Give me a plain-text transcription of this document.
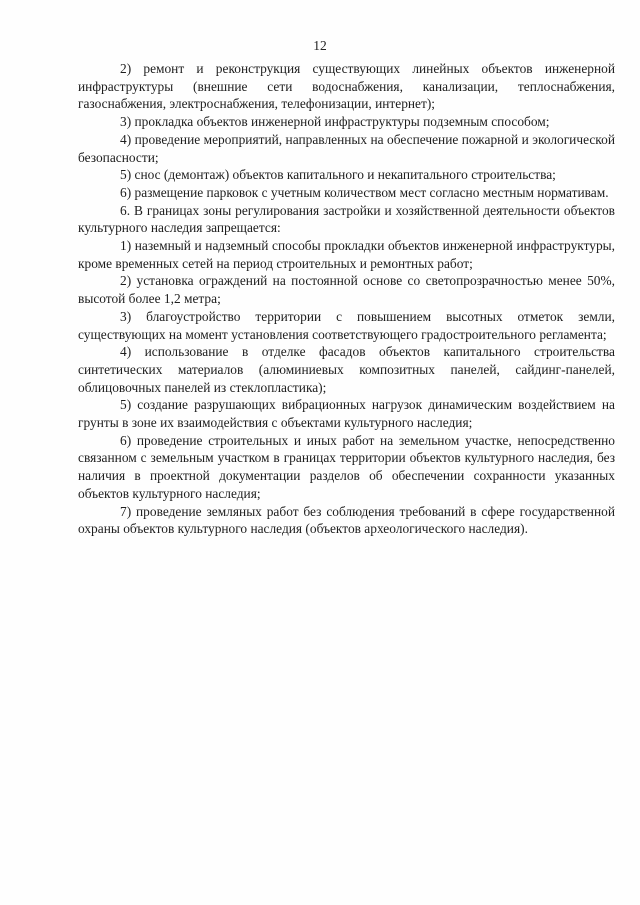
12

2) ремонт и реконструкция существующих линейных объектов инженерной инфраструктуры (внешние сети водоснабжения, канализации, теплоснабжения, газоснабжения, электроснабжения, телефонизации, интернет);

3) прокладка объектов инженерной инфраструктуры подземным способом;

4) проведение мероприятий, направленных на обеспечение пожарной и экологической безопасности;

5) снос (демонтаж) объектов капитального и некапитального строительства;

6) размещение парковок с учетным количеством мест согласно местным нормативам.

6. В границах зоны регулирования застройки и хозяйственной деятельности объектов культурного наследия запрещается:

1) наземный и надземный способы прокладки объектов инженерной инфраструктуры, кроме временных сетей на период строительных и ремонтных работ;

2) установка ограждений на постоянной основе со светопрозрачностью менее 50%, высотой более 1,2 метра;

3) благоустройство территории с повышением высотных отметок земли, существующих на момент установления соответствующего градостроительного регламента;

4) использование в отделке фасадов объектов капитального строительства синтетических материалов (алюминиевых композитных панелей, сайдинг-панелей, облицовочных панелей из стеклопластика);

5) создание разрушающих вибрационных нагрузок динамическим воздействием на грунты в зоне их взаимодействия с объектами культурного наследия;

6) проведение строительных и иных работ на земельном участке, непосредственно связанном с земельным участком в границах территории объектов культурного наследия, без наличия в проектной документации разделов об обеспечении сохранности указанных объектов культурного наследия;

7) проведение земляных работ без соблюдения требований в сфере государственной охраны объектов культурного наследия (объектов археологического наследия).
